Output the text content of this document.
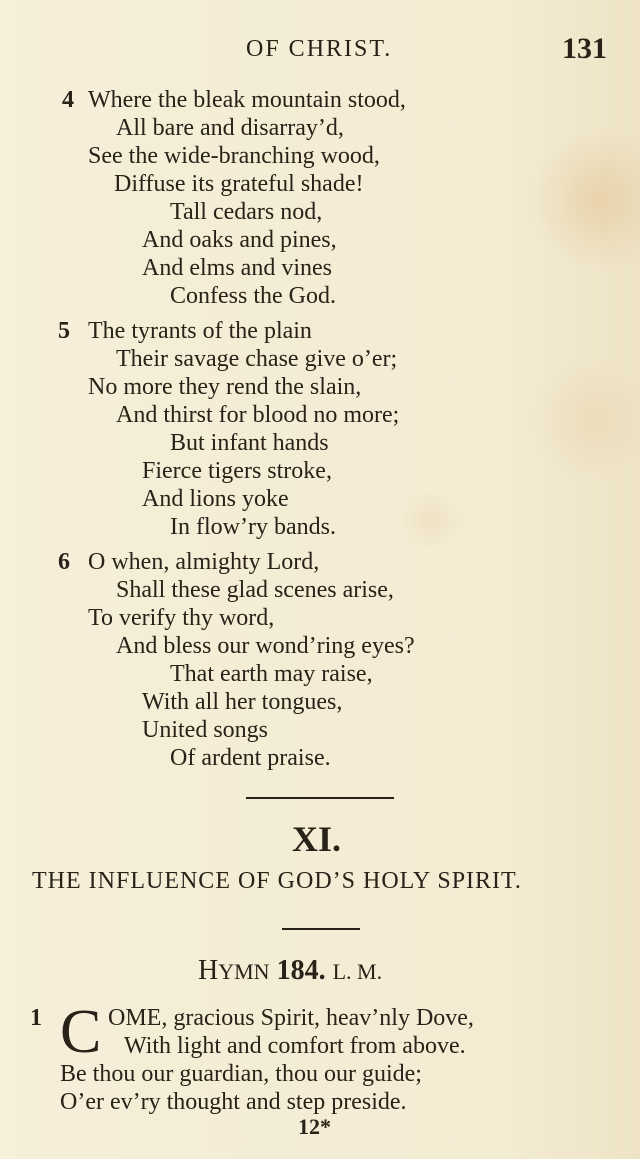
OF CHRIST.	131
4 Where the bleak mountain stood,
All bare and disarray’d,
See the wide-branching wood,
Diffuse its grateful shade!
Tall cedars nod,
And oaks and pines,
And elms and vines
Confess the God.
5 The tyrants of the plain
Their savage chase give o’er;
No more they rend the slain,
And thirst for blood no more;
But infant hands
Fierce tigers stroke,
And lions yoke
In flow’ry bands.
6 O when, almighty Lord,
Shall these glad scenes arise,
To verify thy word,
And bless our wond’ring eyes?
That earth may raise,
With all her tongues,
United songs
Of ardent praise.
XI.
THE INFLUENCE OF GOD’S HOLY SPIRIT.
HYMN 184. L. M.
1 C OME, gracious Spirit, heav’nly Dove,
With light and comfort from above.
Be thou our guardian, thou our guide;
O’er ev’ry thought and step preside.
12*
